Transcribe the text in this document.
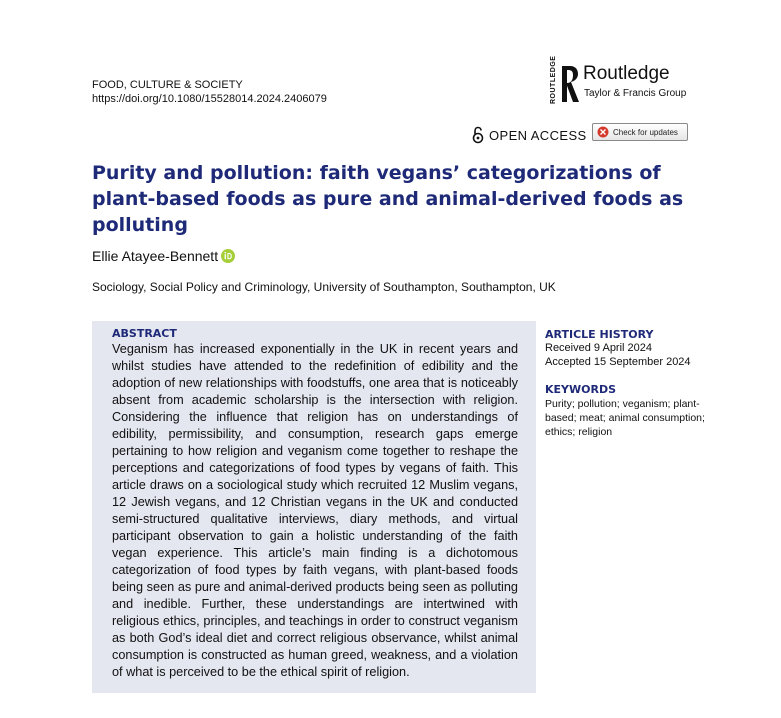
FOOD, CULTURE & SOCIETY
https://doi.org/10.1080/15528014.2024.2406079	ROUTLEDGE Routledge
Taylor & Francis Group
OPEN ACCESS	Check for updates
Purity and pollution: faith vegans’ categorizations of plant-based foods as pure and animal-derived foods as polluting
Ellie Atayee-Bennett
Sociology, Social Policy and Criminology, University of Southampton, Southampton, UK
ABSTRACT

Veganism has increased exponentially in the UK in recent years and whilst studies have attended to the redefinition of edibility and the adoption of new relationships with foodstuffs, one area that is noticeably absent from academic scholarship is the intersection with religion. Considering the influence that religion has on understandings of edibility, permissibility, and consumption, research gaps emerge pertaining to how religion and veganism come together to reshape the perceptions and categorizations of food types by vegans of faith. This article draws on a sociological study which recruited 12 Muslim vegans, 12 Jewish vegans, and 12 Christian vegans in the UK and conducted semi-structured qualitative interviews, diary methods, and virtual participant observation to gain a holistic understanding of the faith vegan experience. This article’s main finding is a dichotomous categorization of food types by faith vegans, with plant-based foods being seen as pure and animal-derived products being seen as polluting and inedible. Further, these understandings are intertwined with religious ethics, principles, and teachings in order to construct veganism as both God’s ideal diet and correct religious observance, whilst animal consumption is constructed as human greed, weakness, and a violation of what is perceived to be the ethical spirit of religion.

ARTICLE HISTORY
Received 9 April 2024
Accepted 15 September 2024
KEYWORDS
Purity; pollution; veganism; plant-based; meat; animal consumption; ethics; religion
